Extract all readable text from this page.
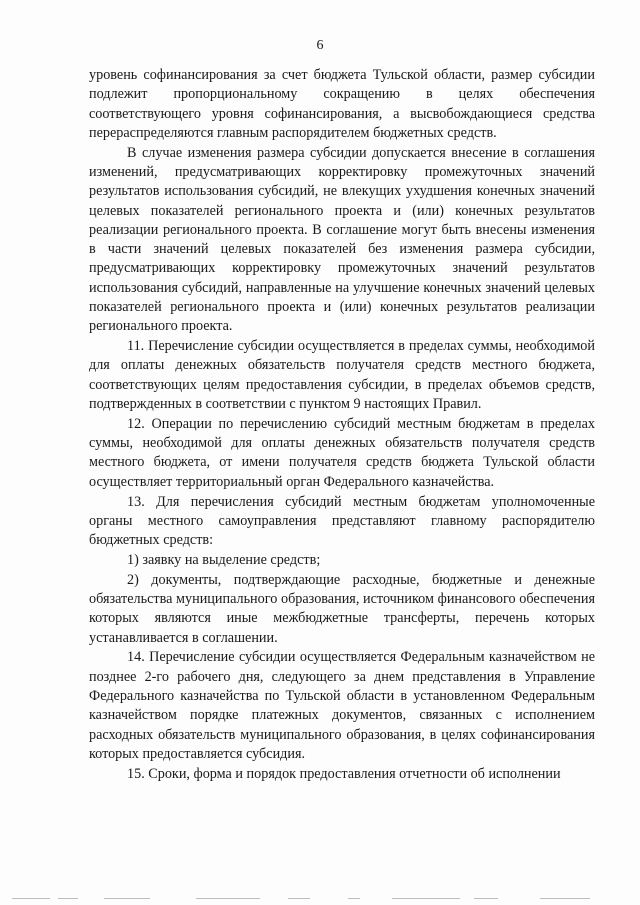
6

уровень софинансирования за счет бюджета Тульской области, размер субсидии подлежит пропорциональному сокращению в целях обеспечения соответствующего уровня софинансирования, а высвобождающиеся средства перераспределяются главным распорядителем бюджетных средств.

В случае изменения размера субсидии допускается внесение в соглашения изменений, предусматривающих корректировку промежуточных значений результатов использования субсидий, не влекущих ухудшения конечных значений целевых показателей регионального проекта и (или) конечных результатов реализации регионального проекта. В соглашение могут быть внесены изменения в части значений целевых показателей без изменения размера субсидии, предусматривающих корректировку промежуточных значений результатов использования субсидий, направленные на улучшение конечных значений целевых показателей регионального проекта и (или) конечных результатов реализации регионального проекта.

11. Перечисление субсидии осуществляется в пределах суммы, необходимой для оплаты денежных обязательств получателя средств местного бюджета, соответствующих целям предоставления субсидии, в пределах объемов средств, подтвержденных в соответствии с пунктом 9 настоящих Правил.

12. Операции по перечислению субсидий местным бюджетам в пределах суммы, необходимой для оплаты денежных обязательств получателя средств местного бюджета, от имени получателя средств бюджета Тульской области осуществляет территориальный орган Федерального казначейства.

13. Для перечисления субсидий местным бюджетам уполномоченные органы местного самоуправления представляют главному распорядителю бюджетных средств:

1) заявку на выделение средств;

2) документы, подтверждающие расходные, бюджетные и денежные обязательства муниципального образования, источником финансового обеспечения которых являются иные межбюджетные трансферты, перечень которых устанавливается в соглашении.

14. Перечисление субсидии осуществляется Федеральным казначейством не позднее 2-го рабочего дня, следующего за днем представления в Управление Федерального казначейства по Тульской области в установленном Федеральным казначейством порядке платежных документов, связанных с исполнением расходных обязательств муниципального образования, в целях софинансирования которых предоставляется субсидия.

15. Сроки, форма и порядок предоставления отчетности об исполнении
